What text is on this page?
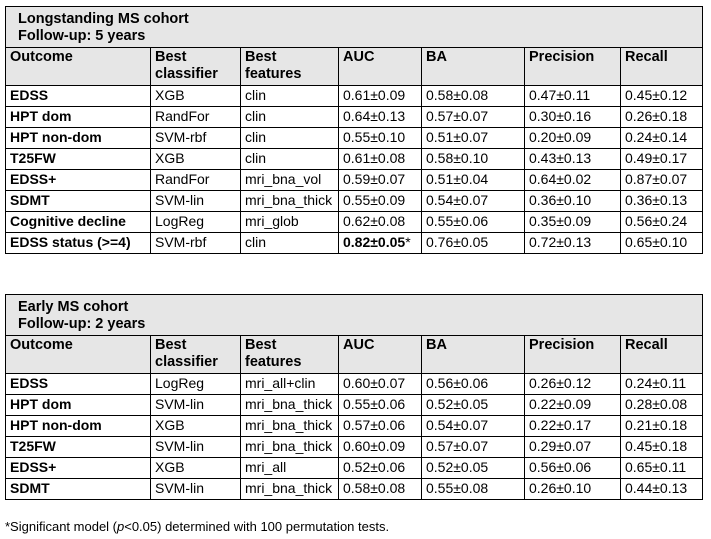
Longstanding MS cohort
Follow-up: 5 years						

Outcome	Best classifier	Best features	AUC	BA	Precision	Recall
EDSS	XGB	clin	0.61±0.09	0.58±0.08	0.47±0.11	0.45±0.12
HPT dom	RandFor	clin	0.64±0.13	0.57±0.07	0.30±0.16	0.26±0.18
HPT non-dom	SVM-rbf	clin	0.55±0.10	0.51±0.07	0.20±0.09	0.24±0.14
T25FW	XGB	clin	0.61±0.08	0.58±0.10	0.43±0.13	0.49±0.17
EDSS+	RandFor	mri_bna_vol	0.59±0.07	0.51±0.04	0.64±0.02	0.87±0.07
SDMT	SVM-lin	mri_bna_thick	0.55±0.09	0.54±0.07	0.36±0.10	0.36±0.13
Cognitive decline	LogReg	mri_glob	0.62±0.08	0.55±0.06	0.35±0.09	0.56±0.24
EDSS status (>=4)	SVM-rbf	clin	0.82±0.05*	0.76±0.05	0.72±0.13	0.65±0.10
Early MS cohort
Follow-up: 2 years						

Outcome	Best classifier	Best features	AUC	BA	Precision	Recall
EDSS	LogReg	mri_all+clin	0.60±0.07	0.56±0.06	0.26±0.12	0.24±0.11
HPT dom	SVM-lin	mri_bna_thick	0.55±0.06	0.52±0.05	0.22±0.09	0.28±0.08
HPT non-dom	XGB	mri_bna_thick	0.57±0.06	0.54±0.07	0.22±0.17	0.21±0.18
T25FW	SVM-lin	mri_bna_thick	0.60±0.09	0.57±0.07	0.29±0.07	0.45±0.18
EDSS+	XGB	mri_all	0.52±0.06	0.52±0.05	0.56±0.06	0.65±0.11
SDMT	SVM-lin	mri_bna_thick	0.58±0.08	0.55±0.08	0.26±0.10	0.44±0.13
*Significant model (p<0.05) determined with 100 permutation tests.
